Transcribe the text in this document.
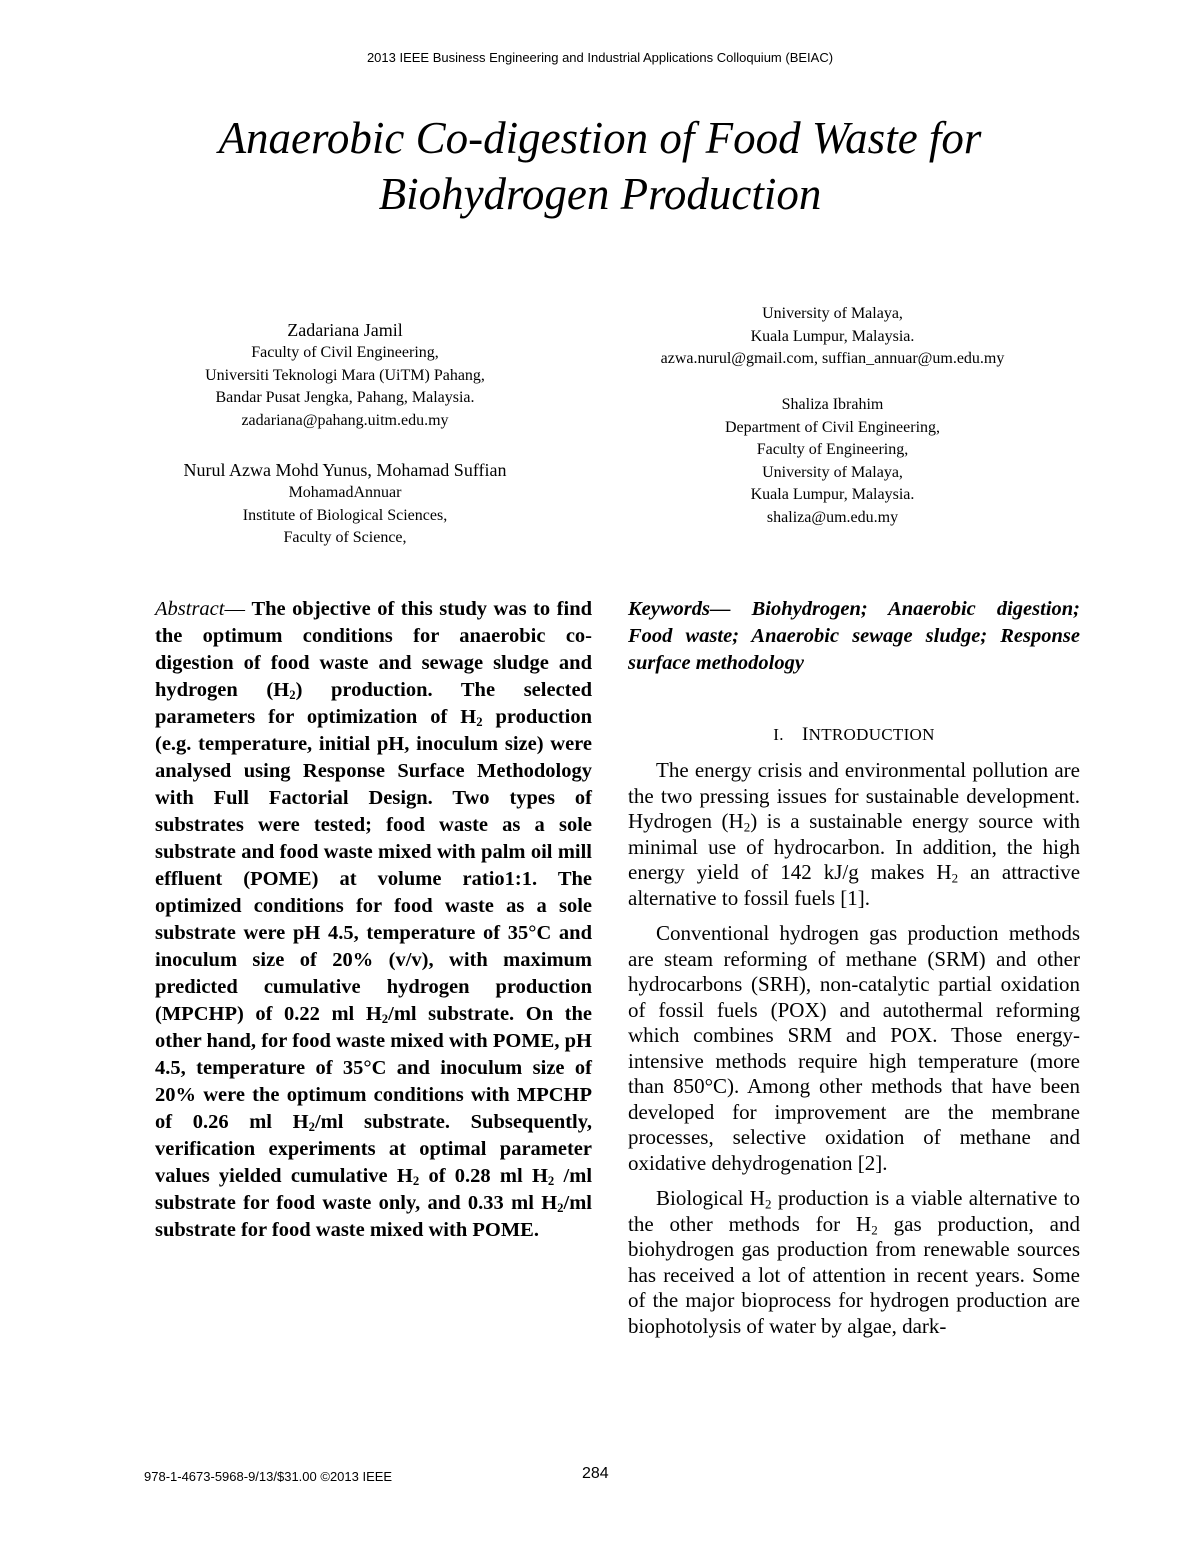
2013 IEEE Business Engineering and Industrial Applications Colloquium (BEIAC)
Anaerobic Co-digestion of Food Waste for
Biohydrogen Production
Zadariana Jamil
Faculty of Civil Engineering,
Universiti Teknologi Mara (UiTM) Pahang,
Bandar Pusat Jengka, Pahang, Malaysia.
zadariana@pahang.uitm.edu.my
Nurul Azwa Mohd Yunus, Mohamad Suffian
MohamadAnnuar
Institute of Biological Sciences,
Faculty of Science,
University of Malaya,
Kuala Lumpur, Malaysia.
azwa.nurul@gmail.com, suffian_annuar@um.edu.my
Shaliza Ibrahim
Department of Civil Engineering,
Faculty of Engineering,
University of Malaya,
Kuala Lumpur, Malaysia.
shaliza@um.edu.my

Abstract— The objective of this study was to find the optimum conditions for anaerobic co-digestion of food waste and sewage sludge and hydrogen $(H_2)$ production. The selected parameters for optimization of $H_2$ production (e.g. temperature, initial pH, inoculum size) were analysed using Response Surface Methodology with Full Factorial Design. Two types of substrates were tested; food waste as a sole substrate and food waste mixed with palm oil mill effluent (POME) at volume ratio1:1. The optimized conditions for food waste as a sole substrate were pH 4.5, temperature of 35°C and inoculum size of 20% (v/v), with maximum predicted cumulative hydrogen production (MPCHP) of 0.22 ml $H_2/ml$ substrate. On the other hand, for food waste mixed with POME, pH 4.5, temperature of 35°C and inoculum size of 20% were the optimum conditions with MPCHP of 0.26 ml $H_2/ml$ substrate. Subsequently, verification experiments at optimal parameter values yielded cumulative $H_2$ of 0.28 ml $H_2$ /ml substrate for food waste only, and 0.33 ml $H_2/ml$ substrate for food waste mixed with POME.

Keywords— Biohydrogen; Anaerobic digestion; Food waste; Anaerobic sewage sludge; Response surface methodology

I. INTRODUCTION

The energy crisis and environmental pollution are the two pressing issues for sustainable development. Hydrogen $(H_2)$ is a sustainable energy source with minimal use of hydrocarbon. In addition, the high energy yield of 142 kJ/g makes $H_2$ an attractive alternative to fossil fuels [1].

Conventional hydrogen gas production methods are steam reforming of methane (SRM) and other hydrocarbons (SRH), non-catalytic partial oxidation of fossil fuels (POX) and autothermal reforming which combines SRM and POX. Those energy-intensive methods require high temperature (more than 850°C). Among other methods that have been developed for improvement are the membrane processes, selective oxidation of methane and oxidative dehydrogenation [2].

Biological $H_2$ production is a viable alternative to the other methods for $H_2$ gas production, and biohydrogen gas production from renewable sources has received a lot of attention in recent years. Some of the major bioprocess for hydrogen production are biophotolysis of water by algae, dark-

978-1-4673-5968-9/13/$31.00 ©2013 IEEE	284
